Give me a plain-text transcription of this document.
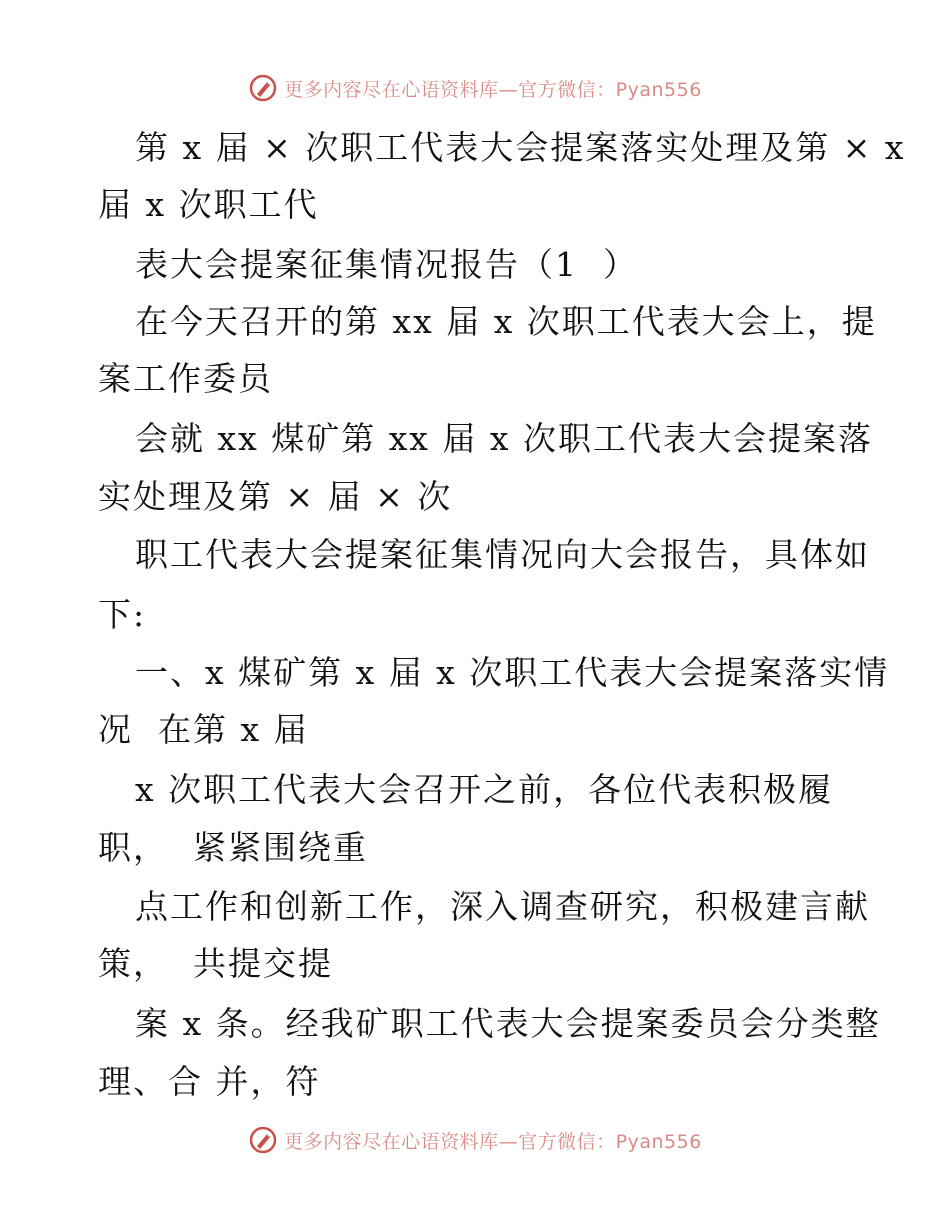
更多内容尽在心语资料库—官方微信：Pyan556
第 x 届 × 次职工代表大会提案落实处理及第 × x
届 x 次职工代
表大会提案征集情况报告（1  ）
在今天召开的第 xx 届 x 次职工代表大会上，提
案工作委员
会就 xx 煤矿第 xx 届 x 次职工代表大会提案落
实处理及第 × 届 × 次
职工代表大会提案征集情况向大会报告，具体如
下:
一、x 煤矿第 x 届 x 次职工代表大会提案落实情
况  在第 x 届
x 次职工代表大会召开之前，各位代表积极履
职，  紧紧围绕重
点工作和创新工作，深入调查研究，积极建言献
策，  共提交提
案 x 条。经我矿职工代表大会提案委员会分类整
理、合 并，符
更多内容尽在心语资料库—官方微信：Pyan556
